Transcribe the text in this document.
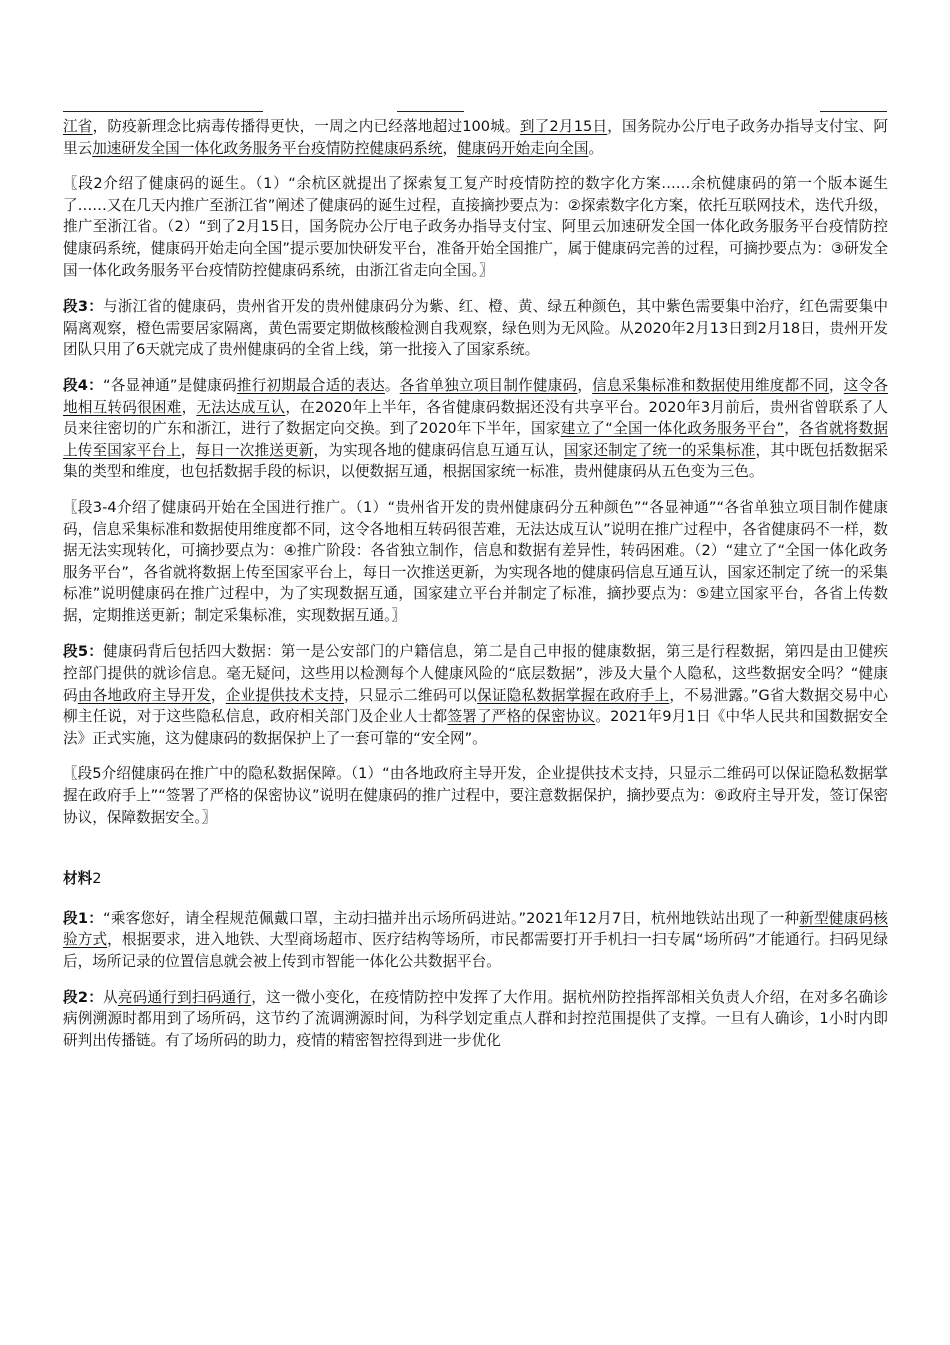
江省，防疫新理念比病毒传播得更快，一周之内已经落地超过100城。到了2月15日，国务院办公厅电子政务办指导支付宝、阿里云加速研发全国一体化政务服务平台疫情防控健康码系统，健康码开始走向全国。

〖段2介绍了健康码的诞生。（1）“余杭区就提出了探索复工复产时疫情防控的数字化方案……余杭健康码的第一个版本诞生了……又在几天内推广至浙江省”阐述了健康码的诞生过程，直接摘抄要点为：②探索数字化方案，依托互联网技术，迭代升级，推广至浙江省。（2）“到了2月15日，国务院办公厅电子政务办指导支付宝、阿里云加速研发全国一体化政务服务平台疫情防控健康码系统，健康码开始走向全国”提示要加快研发平台，准备开始全国推广，属于健康码完善的过程，可摘抄要点为：③研发全国一体化政务服务平台疫情防控健康码系统，由浙江省走向全国。〗

段3：与浙江省的健康码，贵州省开发的贵州健康码分为紫、红、橙、黄、绿五种颜色，其中紫色需要集中治疗，红色需要集中隔离观察，橙色需要居家隔离，黄色需要定期做核酸检测自我观察，绿色则为无风险。从2020年2月13日到2月18日，贵州开发团队只用了6天就完成了贵州健康码的全省上线，第一批接入了国家系统。

段4：“各显神通”是健康码推行初期最合适的表达。各省单独立项目制作健康码，信息采集标准和数据使用维度都不同，这令各地相互转码很困难，无法达成互认，在2020年上半年，各省健康码数据还没有共享平台。2020年3月前后，贵州省曾联系了人员来往密切的广东和浙江，进行了数据定向交换。到了2020年下半年，国家建立了“全国一体化政务服务平台”，各省就将数据上传至国家平台上，每日一次推送更新，为实现各地的健康码信息互通互认，国家还制定了统一的采集标准，其中既包括数据采集的类型和维度，也包括数据手段的标识，以便数据互通，根据国家统一标准，贵州健康码从五色变为三色。

〖段3-4介绍了健康码开始在全国进行推广。（1）“贵州省开发的贵州健康码分五种颜色”“各显神通”“各省单独立项目制作健康码，信息采集标准和数据使用维度都不同，这令各地相互转码很苦难，无法达成互认”说明在推广过程中，各省健康码不一样，数据无法实现转化，可摘抄要点为：④推广阶段：各省独立制作，信息和数据有差异性，转码困难。（2）“建立了“全国一体化政务服务平台”，各省就将数据上传至国家平台上，每日一次推送更新，为实现各地的健康码信息互通互认，国家还制定了统一的采集标准”说明健康码在推广过程中，为了实现数据互通，国家建立平台并制定了标准，摘抄要点为：⑤建立国家平台，各省上传数据，定期推送更新；制定采集标准，实现数据互通。〗

段5：健康码背后包括四大数据：第一是公安部门的户籍信息，第二是自己申报的健康数据，第三是行程数据，第四是由卫健疾控部门提供的就诊信息。毫无疑问，这些用以检测每个人健康风险的“底层数据”，涉及大量个人隐私，这些数据安全吗？“健康码由各地政府主导开发，企业提供技术支持，只显示二维码可以保证隐私数据掌握在政府手上，不易泄露。”G省大数据交易中心柳主任说，对于这些隐私信息，政府相关部门及企业人士都签署了严格的保密协议。2021年9月1日《中华人民共和国数据安全法》正式实施，这为健康码的数据保护上了一套可靠的“安全网”。

〖段5介绍健康码在推广中的隐私数据保障。（1）“由各地政府主导开发，企业提供技术支持，只显示二维码可以保证隐私数据掌握在政府手上”“签署了严格的保密协议”说明在健康码的推广过程中，要注意数据保护，摘抄要点为：⑥政府主导开发，签订保密协议，保障数据安全。〗

材料2

段1：“乘客您好，请全程规范佩戴口罩，主动扫描并出示场所码进站。”2021年12月7日，杭州地铁站出现了一种新型健康码核验方式，根据要求，进入地铁、大型商场超市、医疗结构等场所，市民都需要打开手机扫一扫专属“场所码”才能通行。扫码见绿后，场所记录的位置信息就会被上传到市智能一体化公共数据平台。

段2：从亮码通行到扫码通行，这一微小变化，在疫情防控中发挥了大作用。据杭州防控指挥部相关负责人介绍，在对多名确诊病例溯源时都用到了场所码，这节约了流调溯源时间，为科学划定重点人群和封控范围提供了支撑。一旦有人确诊，1小时内即研判出传播链。有了场所码的助力，疫情的精密智控得到进一步优化
